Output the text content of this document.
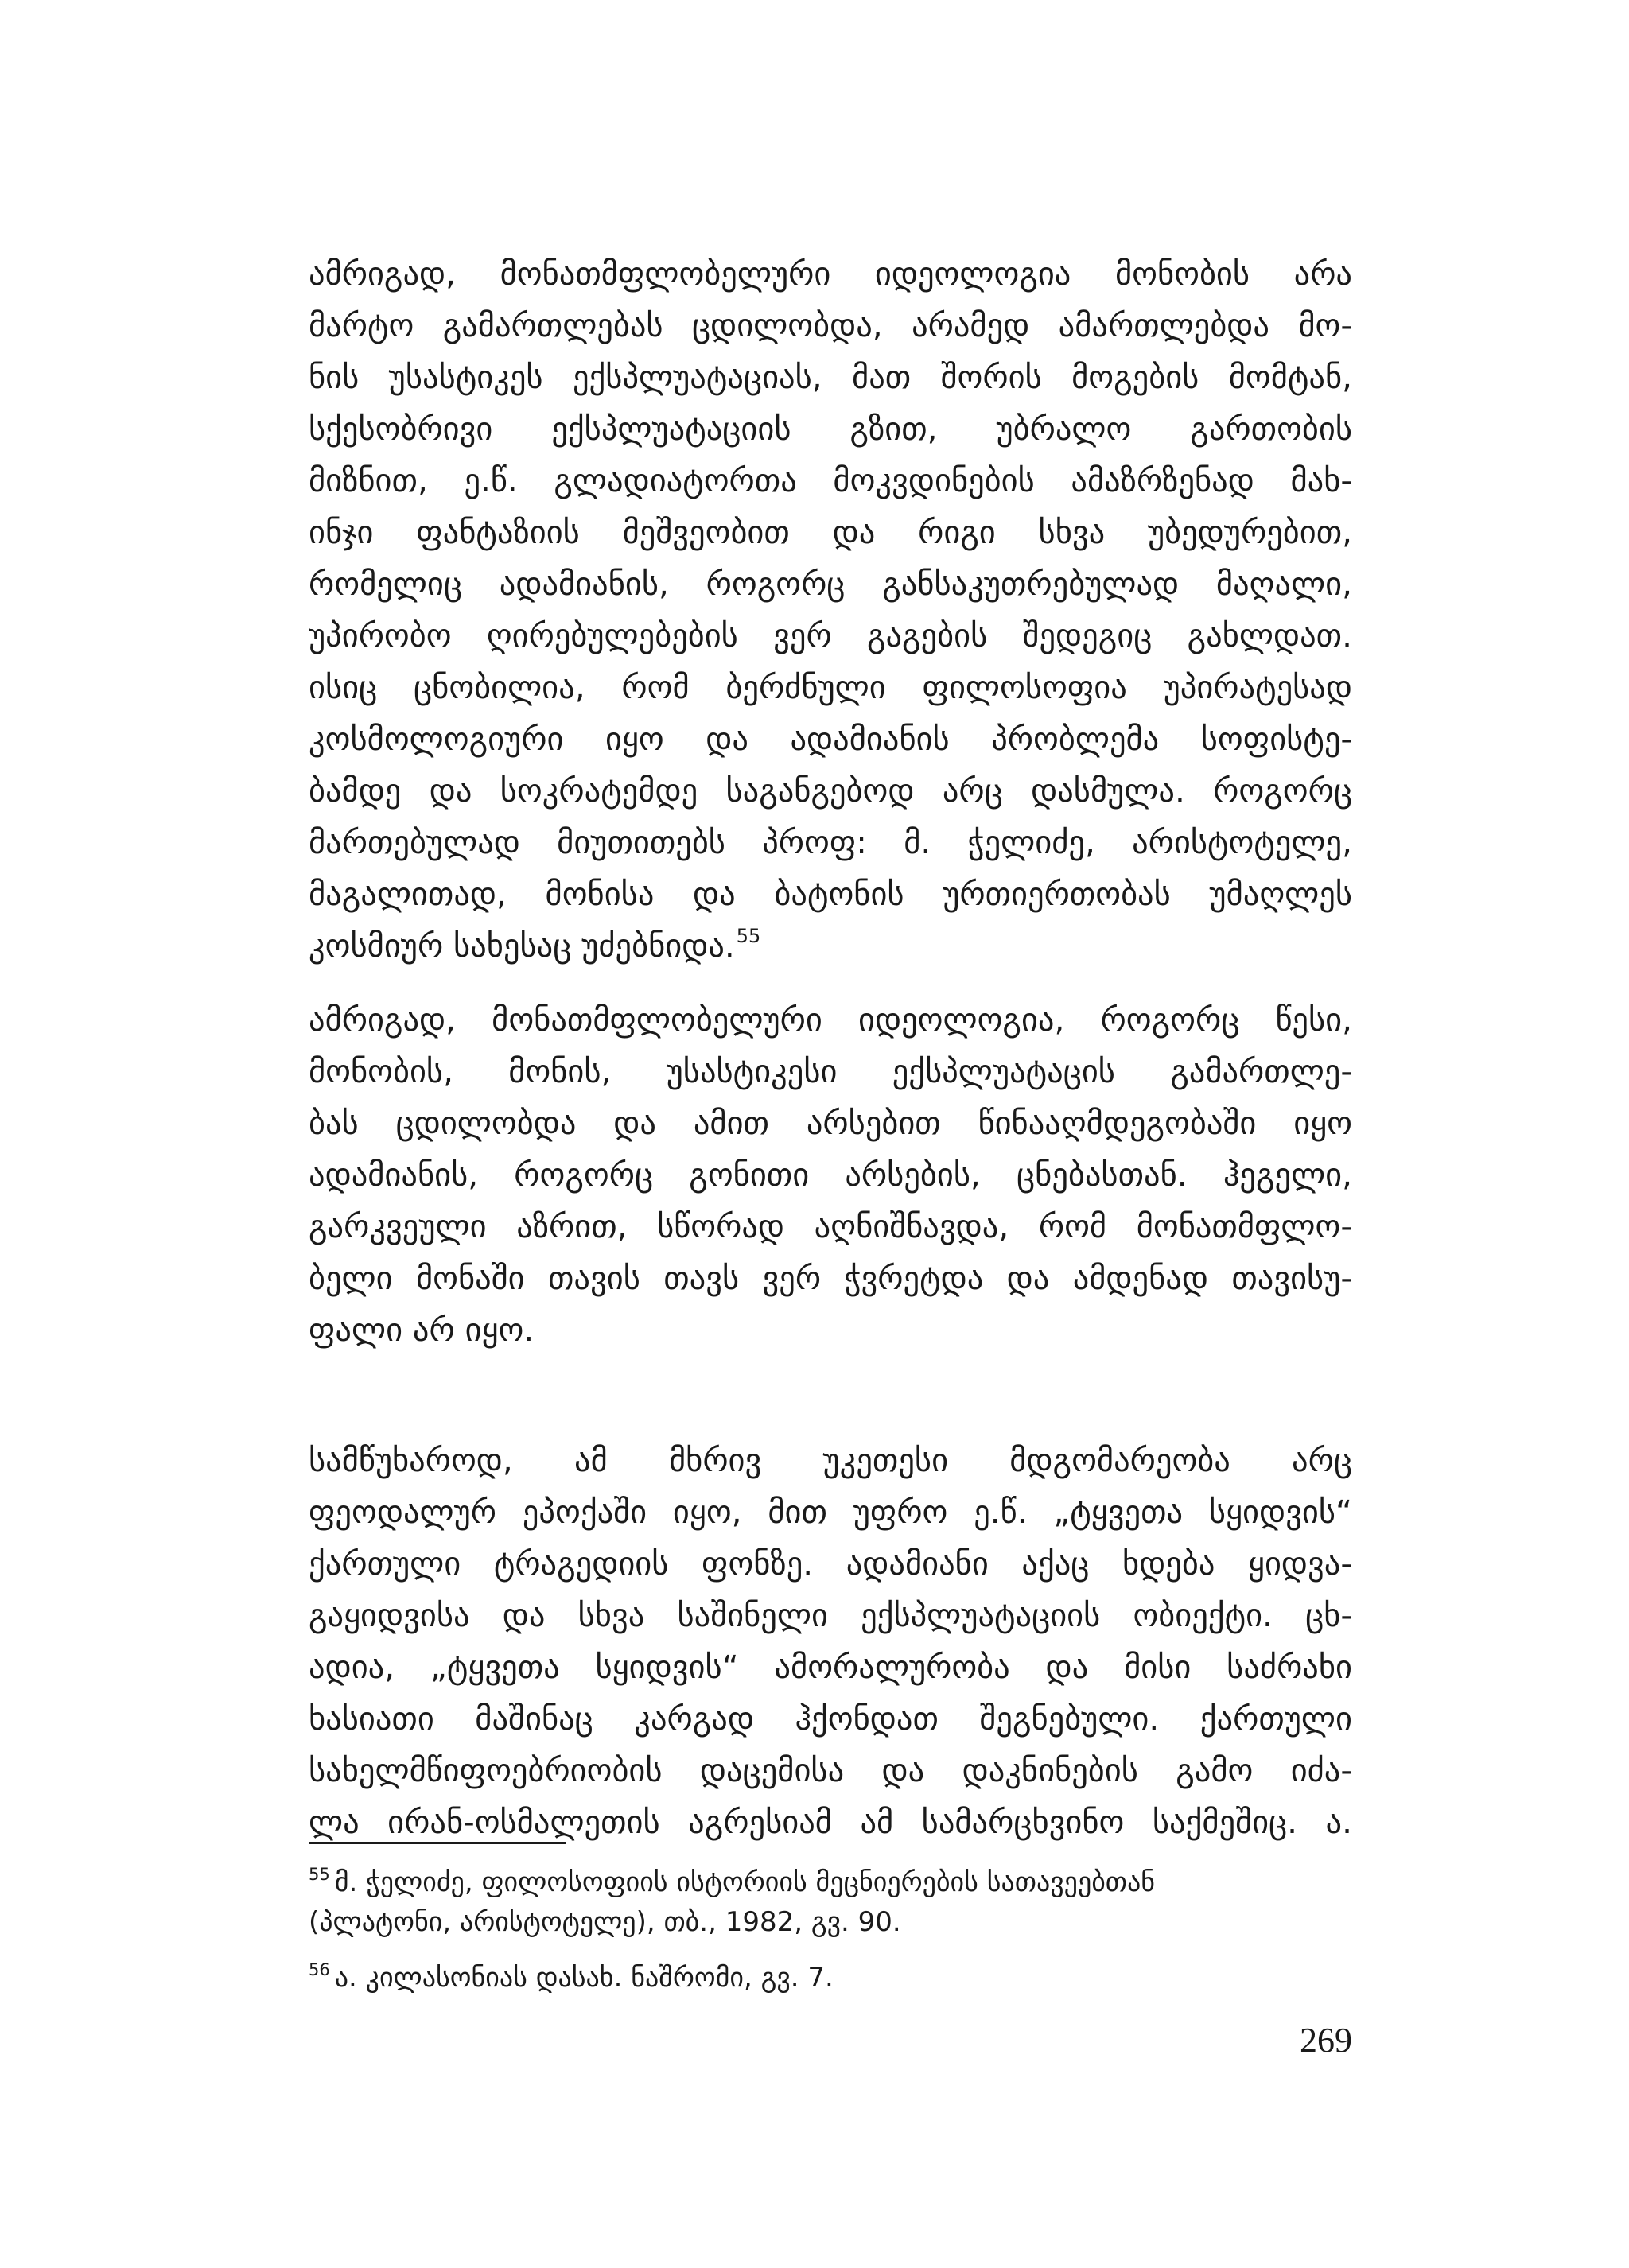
ამრიგად, მონათმფლობელური იდეოლოგია მონობის არა
მარტო გამართლებას ცდილობდა, არამედ ამართლებდა მო-
ნის უსასტიკეს ექსპლუატაციას, მათ შორის მოგების მომტან,
სქესობრივი ექსპლუატაციის გზით, უბრალო გართობის
მიზნით, ე.წ. გლადიატორთა მოკვდინების ამაზრზენად მახ-
ინჯი ფანტაზიის მეშვეობით და რიგი სხვა უბედურებით,
რომელიც ადამიანის, როგორც განსაკუთრებულად მაღალი,
უპირობო ღირებულებების ვერ გაგების შედეგიც გახლდათ.
ისიც ცნობილია, რომ ბერძნული ფილოსოფია უპირატესად
კოსმოლოგიური იყო და ადამიანის პრობლემა სოფისტე-
ბამდე და სოკრატემდე საგანგებოდ არც დასმულა. როგორც
მართებულად მიუთითებს პროფ: მ. ჭელიძე, არისტოტელე,
მაგალითად, მონისა და ბატონის ურთიერთობას უმაღლეს
კოსმიურ სახესაც უძებნიდა.$^{55}$
ამრიგად, მონათმფლობელური იდეოლოგია, როგორც წესი,
მონობის, მონის, უსასტიკესი ექსპლუატაცის გამართლე-
ბას ცდილობდა და ამით არსებით წინააღმდეგობაში იყო
ადამიანის, როგორც გონითი არსების, ცნებასთან. ჰეგელი,
გარკვეული აზრით, სწორად აღნიშნავდა, რომ მონათმფლო-
ბელი მონაში თავის თავს ვერ ჭვრეტდა და ამდენად თავისუ-
ფალი არ იყო.
სამწუხაროდ, ამ მხრივ უკეთესი მდგომარეობა არც
ფეოდალურ ეპოქაში იყო, მით უფრო ე.წ. „ტყვეთა სყიდვის“
ქართული ტრაგედიის ფონზე. ადამიანი აქაც ხდება ყიდვა-
გაყიდვისა და სხვა საშინელი ექსპლუატაციის ობიექტი. ცხ-
ადია, „ტყვეთა სყიდვის“ ამორალურობა და მისი საძრახი
ხასიათი მაშინაც კარგად ჰქონდათ შეგნებული. ქართული
სახელმწიფოებრიობის დაცემისა და დაკნინების გამო იძა-
ლა ირან-ოსმალეთის აგრესიამ ამ სამარცხვინო საქმეშიც. ა.
$^{55}$ მ. ჭელიძე, ფილოსოფიის ისტორიის მეცნიერების სათავეებთან
(პლატონი, არისტოტელე), თბ., 1982, გვ. 90.
$^{56}$ ა. კილასონიას დასახ. ნაშრომი, გვ. 7.
269
